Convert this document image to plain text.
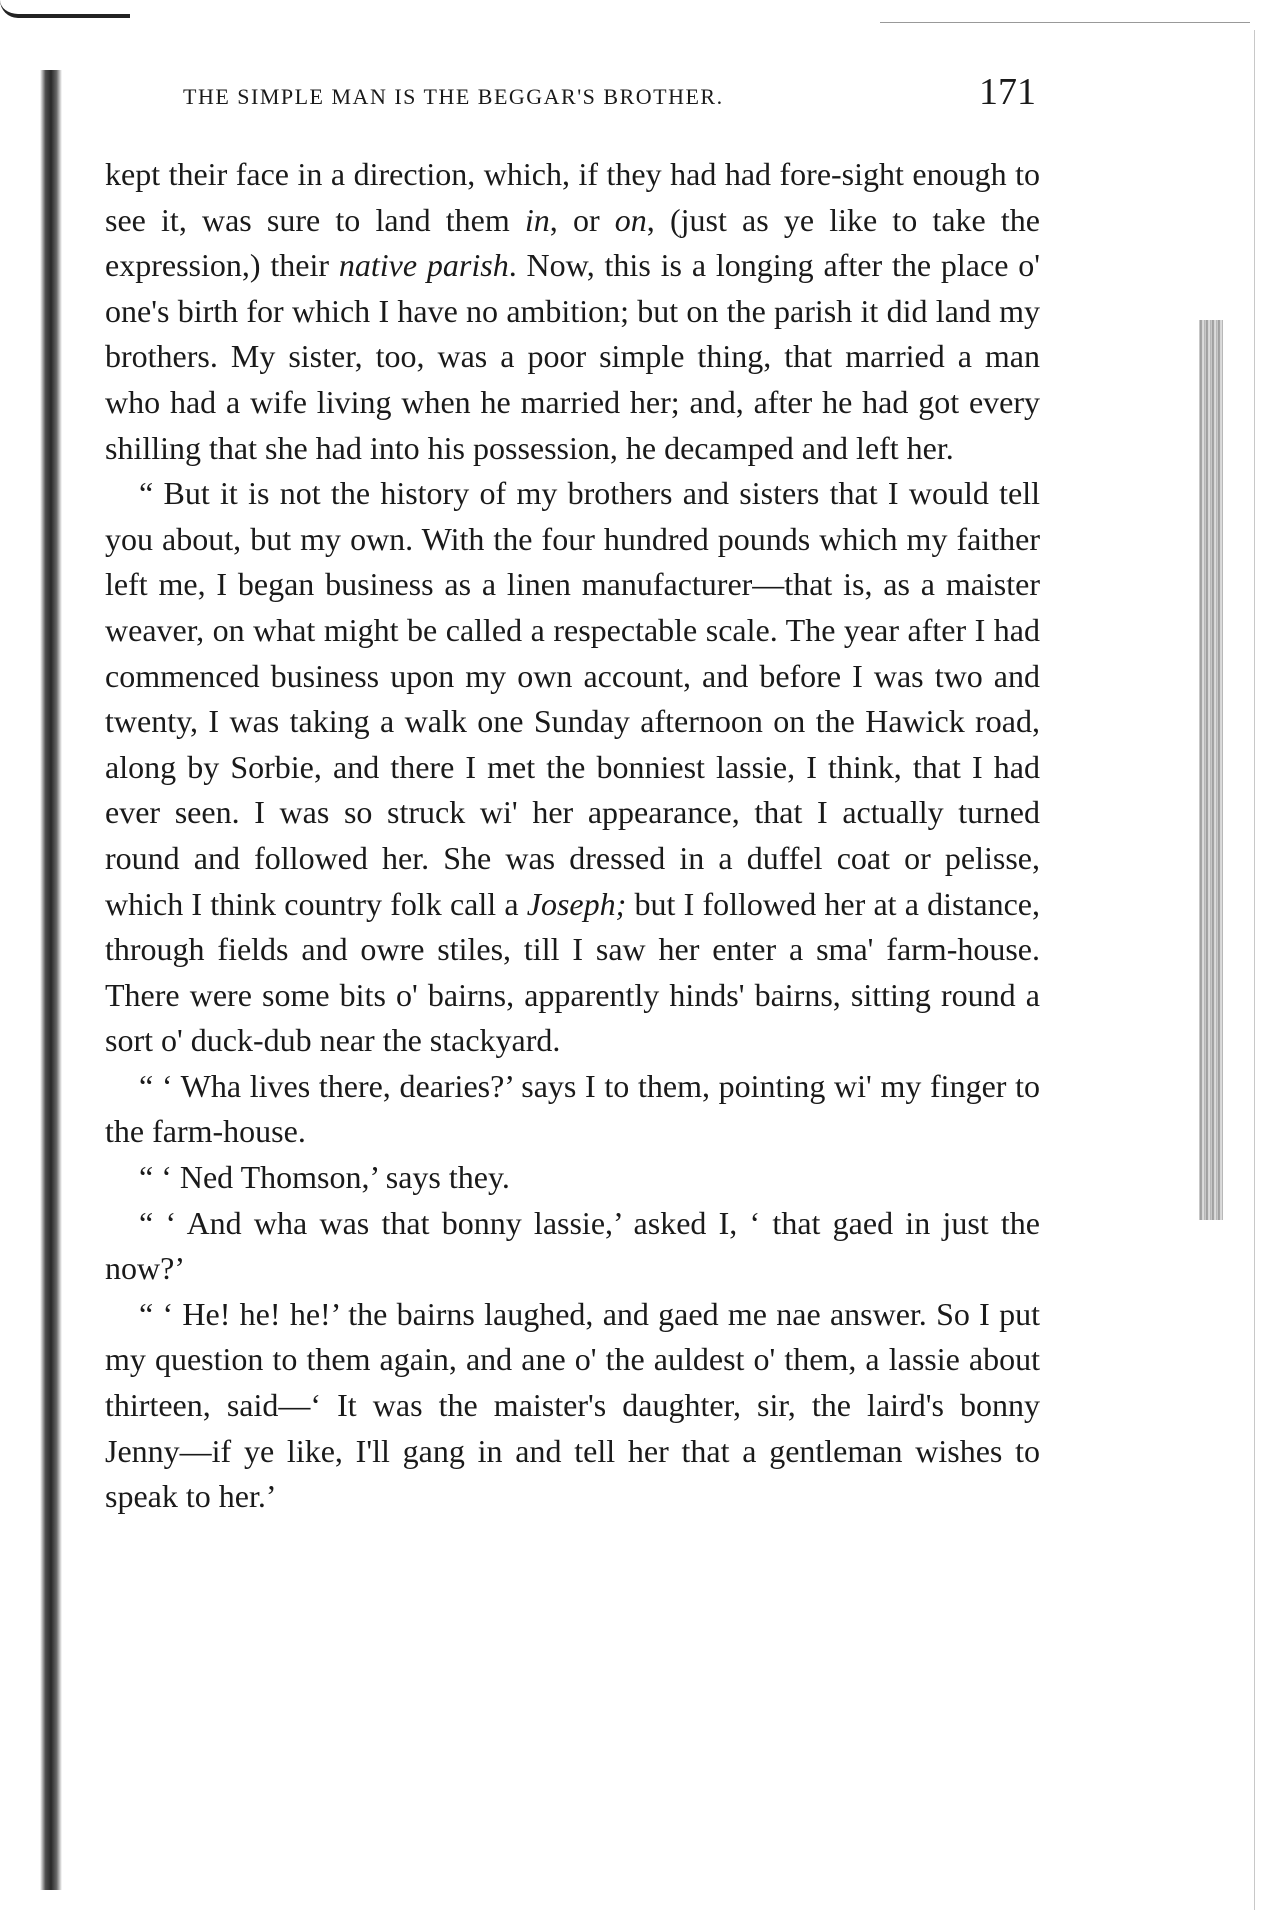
THE SIMPLE MAN IS THE BEGGAR'S BROTHER.	171

kept their face in a direction, which, if they had had fore-sight enough to see it, was sure to land them in, or on, (just as ye like to take the expression,) their native parish. Now, this is a longing after the place o' one's birth for which I have no ambition; but on the parish it did land my brothers. My sister, too, was a poor simple thing, that married a man who had a wife living when he married her; and, after he had got every shilling that she had into his possession, he decamped and left her.

“ But it is not the history of my brothers and sisters that I would tell you about, but my own. With the four hundred pounds which my faither left me, I began business as a linen manufacturer—that is, as a maister weaver, on what might be called a respectable scale. The year after I had commenced business upon my own account, and before I was two and twenty, I was taking a walk one Sunday afternoon on the Hawick road, along by Sorbie, and there I met the bonniest lassie, I think, that I had ever seen. I was so struck wi' her appearance, that I actually turned round and followed her. She was dressed in a duffel coat or pelisse, which I think country folk call a Joseph; but I followed her at a distance, through fields and owre stiles, till I saw her enter a sma' farm-house. There were some bits o' bairns, apparently hinds' bairns, sitting round a sort o' duck-dub near the stackyard.

“ ‘ Wha lives there, dearies?’ says I to them, pointing wi' my finger to the farm-house.

“ ‘ Ned Thomson,’ says they.

“ ‘ And wha was that bonny lassie,’ asked I, ‘ that gaed in just the now?’

“ ‘ He! he! he!’ the bairns laughed, and gaed me nae answer. So I put my question to them again, and ane o' the auldest o' them, a lassie about thirteen, said—‘ It was the maister's daughter, sir, the laird's bonny Jenny—if ye like, I'll gang in and tell her that a gentleman wishes to speak to her.’
